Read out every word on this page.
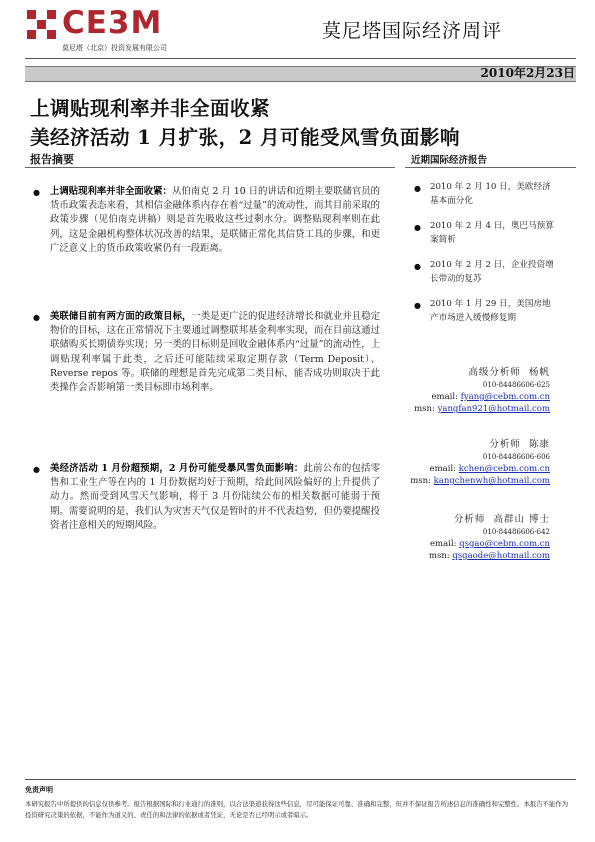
CE3M
莫尼塔（北京）投资发展有限公司
莫尼塔国际经济周评
2010年2月23日
上调贴现利率并非全面收紧
美经济活动 1 月扩张，2 月可能受风雪负面影响
报告摘要	近期国际经济报告
● 上调贴现利率并非全面收紧：从伯南克 2 月 10 日的讲话和近期主要联储官员的货币政策表态来看，其相信金融体系内存在着“过量”的流动性，而其目前采取的政策步骤（见伯南克讲稿）则是首先吸收这些过剩水分。调整贴现利率则在此列，这是金融机构整体状况改善的结果，是联储正常化其信贷工具的步骤，和更广泛意义上的货币政策收紧仍有一段距离。
● 美联储目前有两方面的政策目标，一类是更广泛的促进经济增长和就业并且稳定物价的目标，这在正常情况下主要通过调整联邦基金利率实现，而在目前这通过联储购买长期债券实现；另一类的目标则是回收金融体系内“过量”的流动性，上调贴现利率属于此类，之后还可能陆续采取定期存款（Term Deposit）、Reverse repos 等。联储的理想是首先完成第二类目标，能否成功则取决于此类操作会否影响第一类目标即市场利率。
● 美经济活动 1 月份超预期，2 月份可能受暴风雪负面影响：此前公布的包括零售和工业生产等在内的 1 月份数据均好于预期，给此间风险偏好的上升提供了动力。然而受到风雪天气影响，将于 3 月份陆续公布的相关数据可能弱于预期。需要说明的是，我们认为灾害天气仅是暂时的并不代表趋势，但仍要提醒投资者注意相关的短期风险。
● 2010 年 2 月 10 日，美欧经济基本面分化
● 2010 年 2 月 4 日，奥巴马预算案简析
● 2010 年 2 月 2 日，企业投资增长带动的复苏
● 2010 年 1 月 29 日，美国房地产市场进入缓慢修复期
高级分析师 杨帆
010-84486606-625
email: fyang@cebm.com.cn
msn: yangfan921@hotmail.com
分析师 陈康
010-84486606-606
email: kchen@cebm.com.cn
msn: kangchenwh@hotmail.com
分析师 高群山 博士
010-84486606-642
email: qsgao@cebm.com.cn
msn: qsgaode@hotmail.com
免责声明
本研究报告中所提供的信息仅供参考。报告根据国际和行业通行的准则，以合法渠道获得这些信息，尽可能保证可靠、准确和完整，但并不保证报告所述信息的准确性和完整性。本报告不能作为投资研究决策的依据，不能作为道义的、责任的和法律的依据或者凭证，无论是否已经明示或者暗示。
